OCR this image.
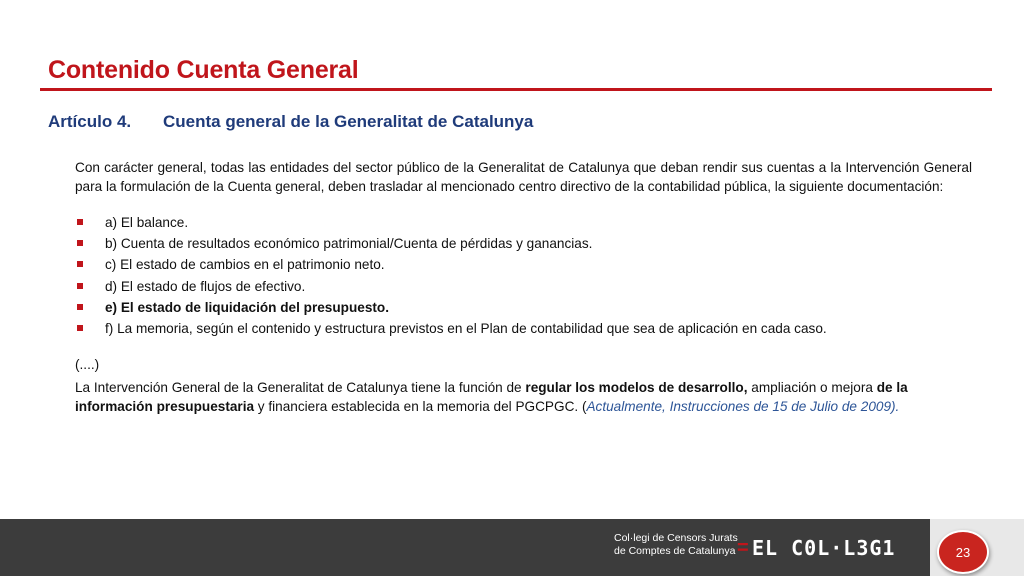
Contenido Cuenta General
Artículo 4. Cuenta general de la Generalitat de Catalunya

Con carácter general, todas las entidades del sector público de la Generalitat de Catalunya que deban rendir sus cuentas a la Intervención General para la formulación de la Cuenta general, deben trasladar al mencionado centro directivo de la contabilidad pública, la siguiente documentación:

a) El balance.
b) Cuenta de resultados económico patrimonial/Cuenta de pérdidas y ganancias.
c) El estado de cambios en el patrimonio neto.
d) El estado de flujos de efectivo.
e) El estado de liquidación del presupuesto.
f) La memoria, según el contenido y estructura previstos en el Plan de contabilidad que sea de aplicación en cada caso.

(....)

La Intervención General de la Generalitat de Catalunya tiene la función de regular los modelos de desarrollo, ampliación o mejora de la información presupuestaria y financiera establecida en la memoria del PGCPGC. (Actualmente, Instrucciones de 15 de Julio de 2009).

Col·legi de Censors Jurats
de Comptes de Catalunya = EL C0L·L3G1	23
